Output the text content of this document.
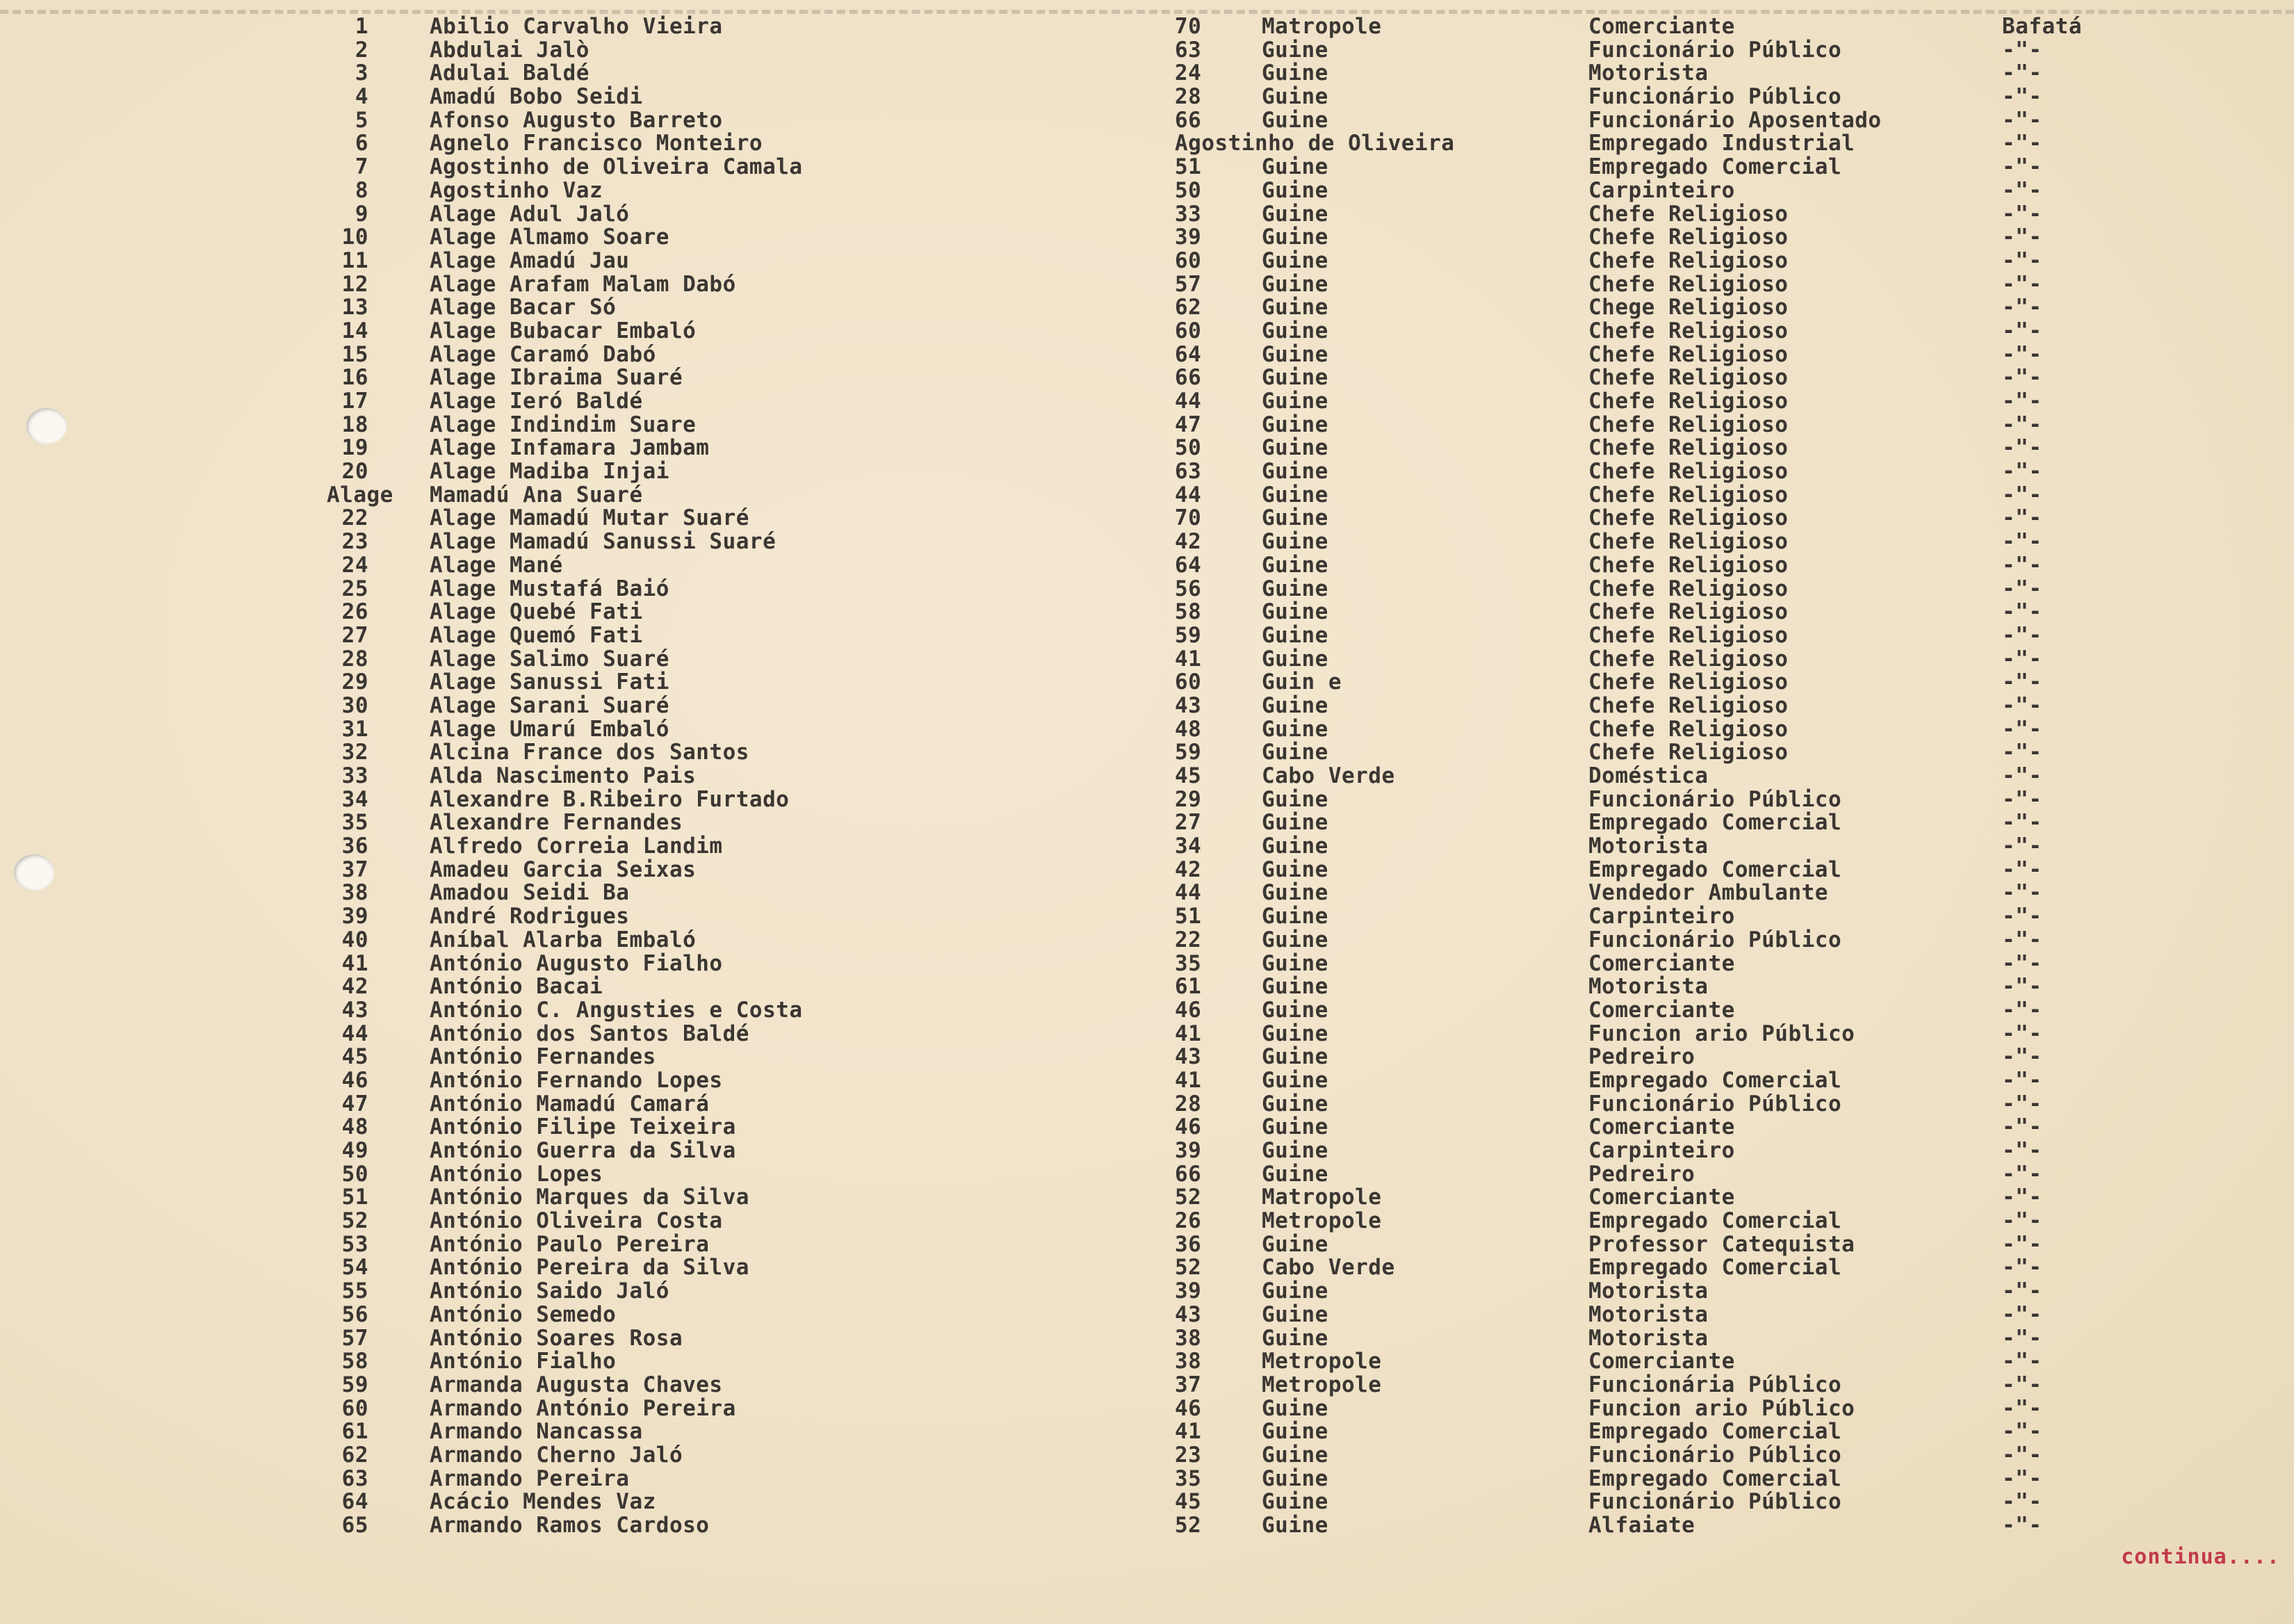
1	Abilio Carvalho Vieira	70	Matropole	Comerciante	Bafatá
2	Abdulai Jalò	63	Guine	Funcionário Público	-"-
3	Adulai Baldé	24	Guine	Motorista	-"-
4	Amadú Bobo Seidi	28	Guine	Funcionário Público	-"-
5	Afonso Augusto Barreto	66	Guine	Funcionário Aposentado	-"-
6	Agnelo Francisco Monteiro	Agostinho de Oliveira	Empregado Industrial	-"-
7	Agostinho de Oliveira Camala	51	Guine	Empregado Comercial	-"-
8	Agostinho Vaz	50	Guine	Carpinteiro	-"-
9	Alage Adul Jaló	33	Guine	Chefe Religioso	-"-
10	Alage Almamo Soare	39	Guine	Chefe Religioso	-"-
11	Alage Amadú Jau	60	Guine	Chefe Religioso	-"-
12	Alage Arafam Malam Dabó	57	Guine	Chefe Religioso	-"-
13	Alage Bacar Só	62	Guine	Chege Religioso	-"-
14	Alage Bubacar Embaló	60	Guine	Chefe Religioso	-"-
15	Alage Caramó Dabó	64	Guine	Chefe Religioso	-"-
16	Alage Ibraima Suaré	66	Guine	Chefe Religioso	-"-
17	Alage Ieró Baldé	44	Guine	Chefe Religioso	-"-
18	Alage Indindim Suare	47	Guine	Chefe Religioso	-"-
19	Alage Infamara Jambam	50	Guine	Chefe Religioso	-"-
20	Alage Madiba Injai	63	Guine	Chefe Religioso	-"-
Alage Mamadú Ana Suaré	44	Guine	Chefe Religioso	-"-
22	Alage Mamadú Mutar Suaré	70	Guine	Chefe Religioso	-"-
23	Alage Mamadú Sanussi Suaré	42	Guine	Chefe Religioso	-"-
24	Alage Mané	64	Guine	Chefe Religioso	-"-
25	Alage Mustafá Baió	56	Guine	Chefe Religioso	-"-
26	Alage Quebé Fati	58	Guine	Chefe Religioso	-"-
27	Alage Quemó Fati	59	Guine	Chefe Religioso	-"-
28	Alage Salimo Suaré	41	Guine	Chefe Religioso	-"-
29	Alage Sanussi Fati	60	Guin e	Chefe Religioso	-"-
30	Alage Sarani Suaré	43	Guine	Chefe Religioso	-"-
31	Alage Umarú Embaló	48	Guine	Chefe Religioso	-"-
32	Alcina France dos Santos	59	Guine	Chefe Religioso	-"-
33	Alda Nascimento Pais	45	Cabo Verde	Doméstica	-"-
34	Alexandre B.Ribeiro Furtado	29	Guine	Funcionário Público	-"-
35	Alexandre Fernandes	27	Guine	Empregado Comercial	-"-
36	Alfredo Correia Landim	34	Guine	Motorista	-"-
37	Amadeu Garcia Seixas	42	Guine	Empregado Comercial	-"-
38	Amadou Seidi Ba	44	Guine	Vendedor Ambulante	-"-
39	André Rodrigues	51	Guine	Carpinteiro	-"-
40	Aníbal Alarba Embaló	22	Guine	Funcionário Público	-"-
41	António Augusto Fialho	35	Guine	Comerciante	-"-
42	António Bacai	61	Guine	Motorista	-"-
43	António C. Angusties e Costa	46	Guine	Comerciante	-"-
44	António dos Santos Baldé	41	Guine	Funcion ario Público	-"-
45	António Fernandes	43	Guine	Pedreiro	-"-
46	António Fernando Lopes	41	Guine	Empregado Comercial	-"-
47	António Mamadú Camará	28	Guine	Funcionário Público	-"-
48	António Filipe Teixeira	46	Guine	Comerciante	-"-
49	António Guerra da Silva	39	Guine	Carpinteiro	-"-
50	António Lopes	66	Guine	Pedreiro	-"-
51	António Marques da Silva	52	Matropole	Comerciante	-"-
52	António Oliveira Costa	26	Metropole	Empregado Comercial	-"-
53	António Paulo Pereira	36	Guine	Professor Catequista	-"-
54	António Pereira da Silva	52	Cabo Verde	Empregado Comercial	-"-
55	António Saido Jaló	39	Guine	Motorista	-"-
56	António Semedo	43	Guine	Motorista	-"-
57	António Soares Rosa	38	Guine	Motorista	-"-
58	António Fialho	38	Metropole	Comerciante	-"-
59	Armanda Augusta Chaves	37	Metropole	Funcionária Público	-"-
60	Armando António Pereira	46	Guine	Funcion ario Público	-"-
61	Armando Nancassa	41	Guine	Empregado Comercial	-"-
62	Armando Cherno Jaló	23	Guine	Funcionário Público	-"-
63	Armando Pereira	35	Guine	Empregado Comercial	-"-
64	Acácio Mendes Vaz	45	Guine	Funcionário Público	-"-
65	Armando Ramos Cardoso	52	Guine	Alfaiate	-"-
continua....
